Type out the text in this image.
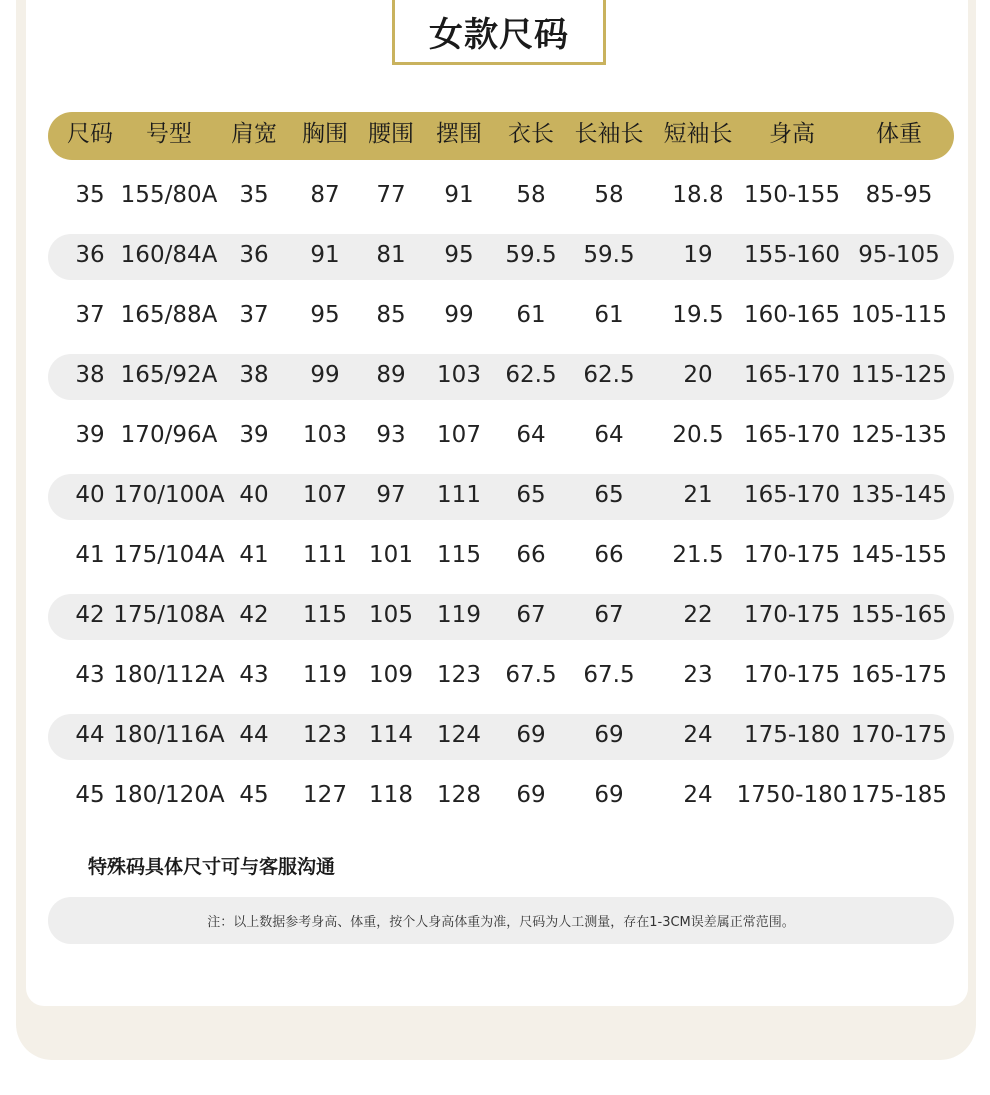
女款尺码
尺码 号型 肩宽 胸围 腰围 摆围 衣长 长袖长 短袖长 身高	体重
35 155/80A 35 87 77 91 58 58 18.8 150-155 85-95
36 160/84A 36 91 81 95 59.5 59.5 19 155-160 95-105
37 165/88A 37 95 85 99 61 61 19.5 160-165 105-115
38 165/92A 38 99 89 103 62.5 62.5 20 165-170 115-125
39 170/96A 39 103 93 107 64 64 20.5 165-170 125-135
40 170/100A 40 107 97 111 65 65	21 165-170 135-145
41 175/104A 41 111 101 115 66 66 21.5 170-175 145-155
42 175/108A 42 115 105 119 67 67	22 170-175 155-165
43 180/112A 43 119 109 123 67.5 67.5 23 170-175 165-175
44 180/116A 44 123 114 124 69 69	24 175-180 170-175
45 180/120A 45 127 118 128 69 69	24 1750-180 175-185
特殊码具体尺寸可与客服沟通
注：以上数据参考身高、体重，按个人身高体重为准，尺码为人工测量，存在1-3CM误差属正常范围。
